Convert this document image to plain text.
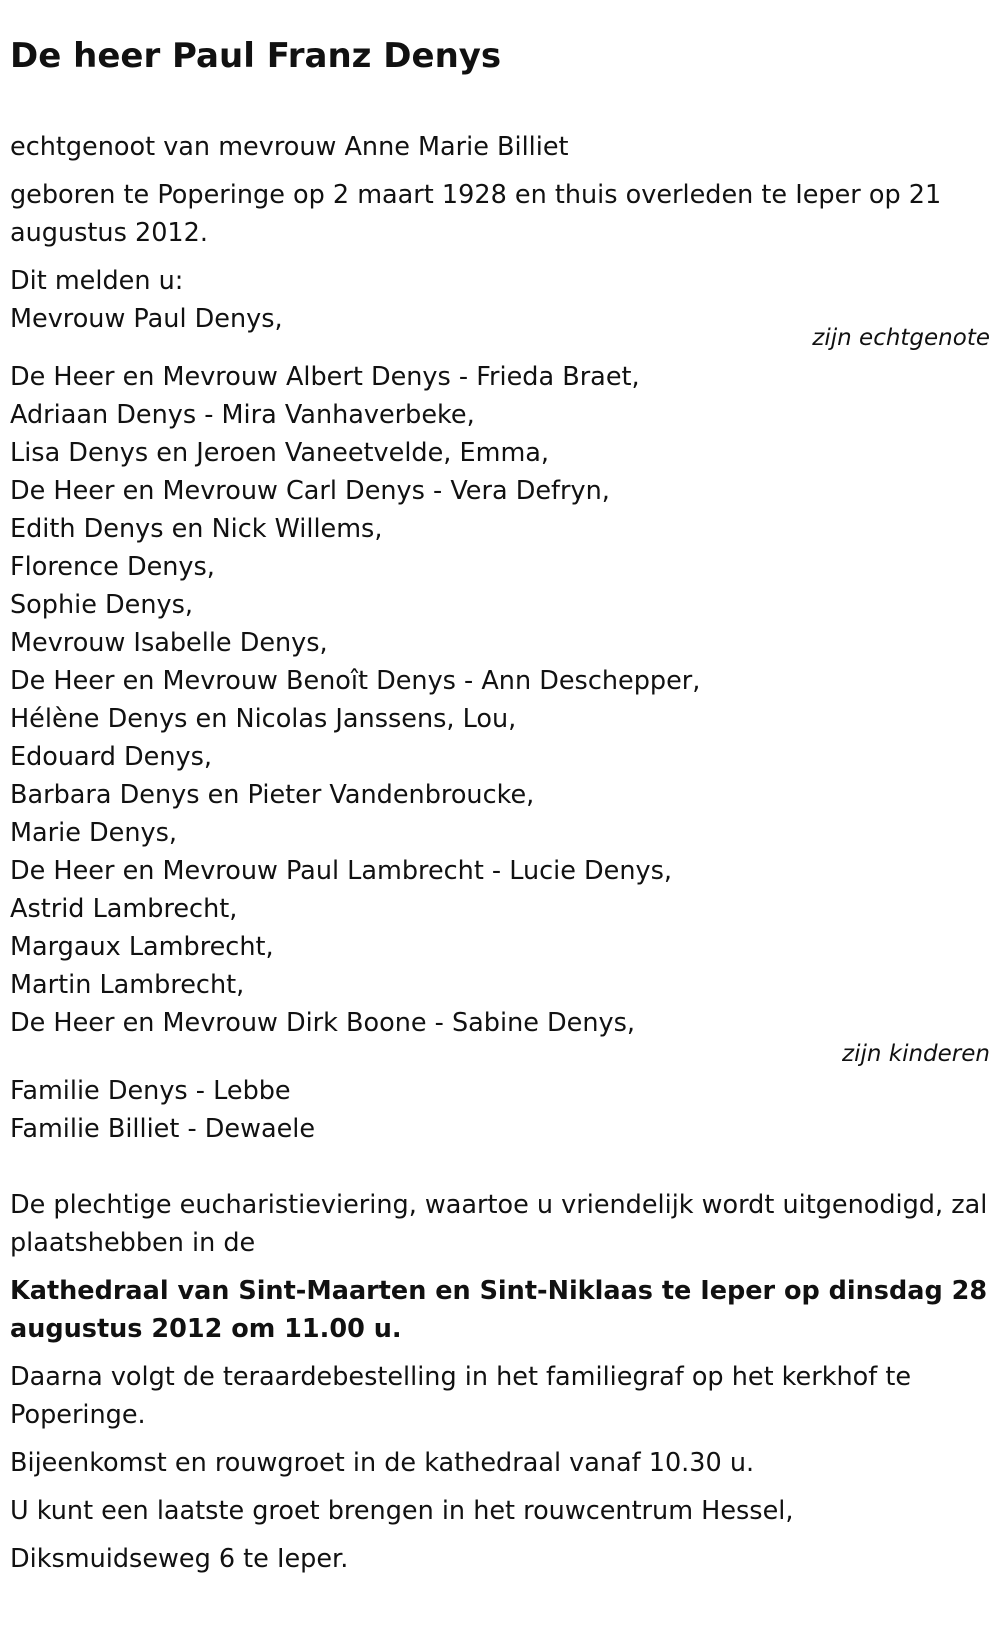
De heer Paul Franz Denys

echtgenoot van mevrouw Anne Marie Billiet

geboren te Poperinge op 2 maart 1928 en thuis overleden te Ieper op 21 augustus 2012.

Dit melden u:

Mevrouw Paul Denys,

zijn echtgenote

De Heer en Mevrouw Albert Denys - Frieda Braet,

Adriaan Denys - Mira Vanhaverbeke,

Lisa Denys en Jeroen Vaneetvelde, Emma,

De Heer en Mevrouw Carl Denys - Vera Defryn,

Edith Denys en Nick Willems,

Florence Denys,

Sophie Denys,

Mevrouw Isabelle Denys,

De Heer en Mevrouw Benoît Denys - Ann Deschepper,

Hélène Denys en Nicolas Janssens, Lou,

Edouard Denys,

Barbara Denys en Pieter Vandenbroucke,

Marie Denys,

De Heer en Mevrouw Paul Lambrecht - Lucie Denys,

Astrid Lambrecht,

Margaux Lambrecht,

Martin Lambrecht,

De Heer en Mevrouw Dirk Boone - Sabine Denys,

zijn kinderen

Familie Denys - Lebbe

Familie Billiet - Dewaele

De plechtige eucharistieviering, waartoe u vriendelijk wordt uitgenodigd, zal plaatshebben in de

Kathedraal van Sint-Maarten en Sint-Niklaas te Ieper op dinsdag 28 augustus 2012 om 11.00 u.

Daarna volgt de teraardebestelling in het familiegraf op het kerkhof te Poperinge.

Bijeenkomst en rouwgroet in de kathedraal vanaf 10.30 u.

U kunt een laatste groet brengen in het rouwcentrum Hessel,

Diksmuidseweg 6 te Ieper.
